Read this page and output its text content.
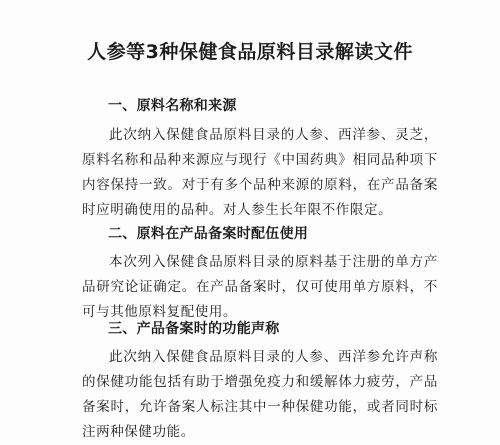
人参等3种保健食品原料目录解读文件
一、原料名称和来源

此次纳入保健食品原料目录的人参、西洋参、灵芝，原料名称和品种来源应与现行《中国药典》相同品种项下内容保持一致。对于有多个品种来源的原料，在产品备案时应明确使用的品种。对人参生长年限不作限定。

二、原料在产品备案时配伍使用

本次列入保健食品原料目录的原料基于注册的单方产品研究论证确定。在产品备案时，仅可使用单方原料，不可与其他原料复配使用。

三、产品备案时的功能声称

此次纳入保健食品原料目录的人参、西洋参允许声称的保健功能包括有助于增强免疫力和缓解体力疲劳，产品备案时，允许备案人标注其中一种保健功能，或者同时标注两种保健功能。
